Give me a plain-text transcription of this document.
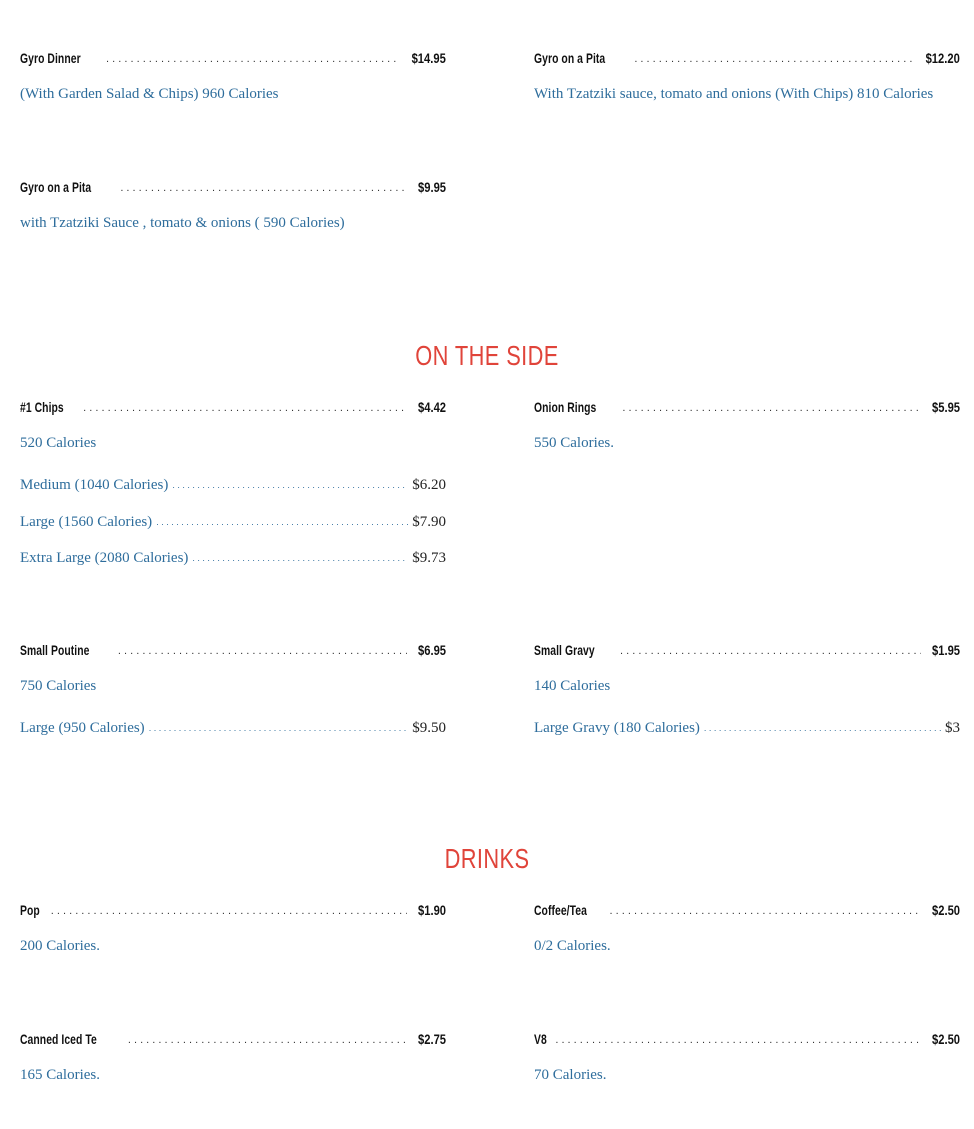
Gyro Dinner . . .	$14.95
(With Garden Salad & Chips) 960 Calories
Gyro on a Pita . . .	$12.20
With Tzatziki sauce, tomato and onions (With Chips) 810 Calories
Gyro on a Pita . . .	$9.95
with Tzatziki Sauce , tomato & onions ( 590 Calories)
ON THE SIDE
#1 Chips . . .	$4.42
520 Calories
Medium (1040 Calories) . . .	$6.20
Large (1560 Calories) . . .	$7.90
Extra Large (2080 Calories) . . .	$9.73
Onion Rings . . .	$5.95
550 Calories.
Small Poutine . . .	$6.95
750 Calories
Large (950 Calories) . . .	$9.50
Small Gravy . . .	$1.95
140 Calories
Large Gravy (180 Calories) . . .	$3
DRINKS
Pop . . .	$1.90
200 Calories.
Coffee/Tea . . .	$2.50
0/2 Calories.
Canned Iced Te . . .	$2.75
165 Calories.
V8 . . .	$2.50
70 Calories.
